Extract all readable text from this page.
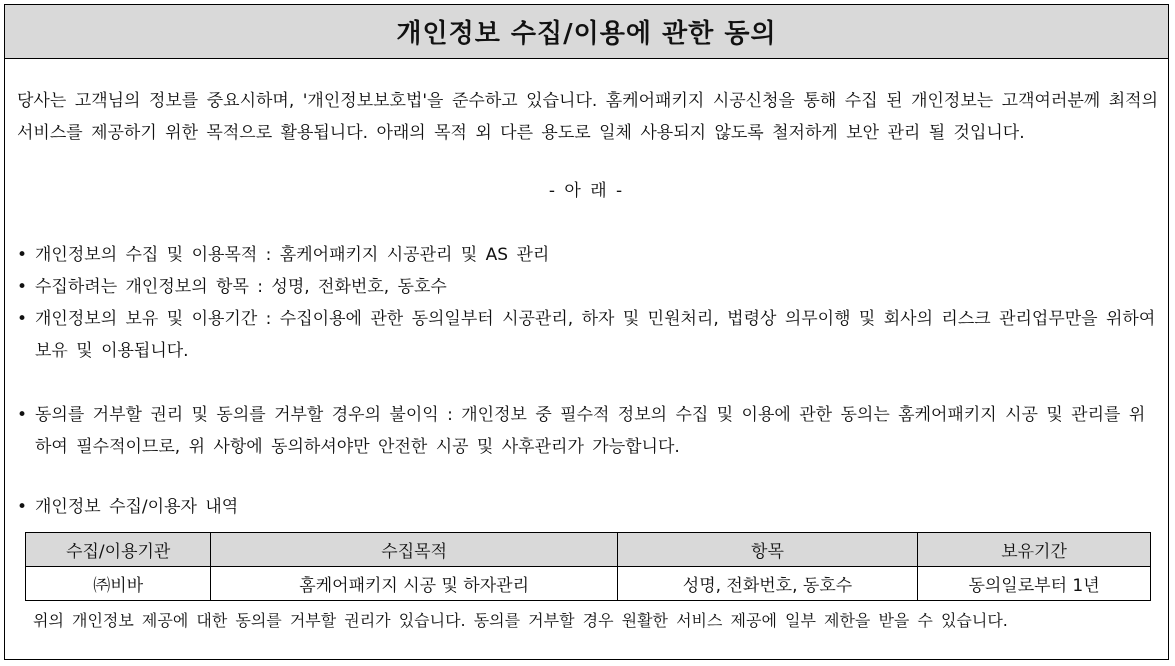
개인정보 수집/이용에 관한 동의

당사는 고객님의 정보를 중요시하며, '개인정보보호법'을 준수하고 있습니다. 홈케어패키지 시공신청을 통해 수집 된 개인정보는 고객여러분께 최적의 서비스를 제공하기 위한 목적으로 활용됩니다. 아래의 목적 외 다른 용도로 일체 사용되지 않도록 철저하게 보안 관리 될 것입니다.

- 아 래 -
• 개인정보의 수집 및 이용목적 : 홈케어패키지 시공관리 및 AS 관리
• 수집하려는 개인정보의 항목 : 성명, 전화번호, 동호수
• 개인정보의 보유 및 이용기간 : 수집이용에 관한 동의일부터 시공관리, 하자 및 민원처리, 법령상 의무이행 및 회사의 리스크 관리업무만을 위하여 보유 및 이용됩니다.
• 동의를 거부할 권리 및 동의를 거부할 경우의 불이익 : 개인정보 중 필수적 정보의 수집 및 이용에 관한 동의는 홈케어패키지 시공 및 관리를 위하여 필수적이므로, 위 사항에 동의하셔야만 안전한 시공 및 사후관리가 가능합니다.
• 개인정보 수집/이용자 내역
수집/이용기관	수집목적	항목	보유기간
㈜비바	홈케어패키지 시공 및 하자관리	성명, 전화번호, 동호수	동의일로부터 1년
위의 개인정보 제공에 대한 동의를 거부할 권리가 있습니다. 동의를 거부할 경우 원활한 서비스 제공에 일부 제한을 받을 수 있습니다.
